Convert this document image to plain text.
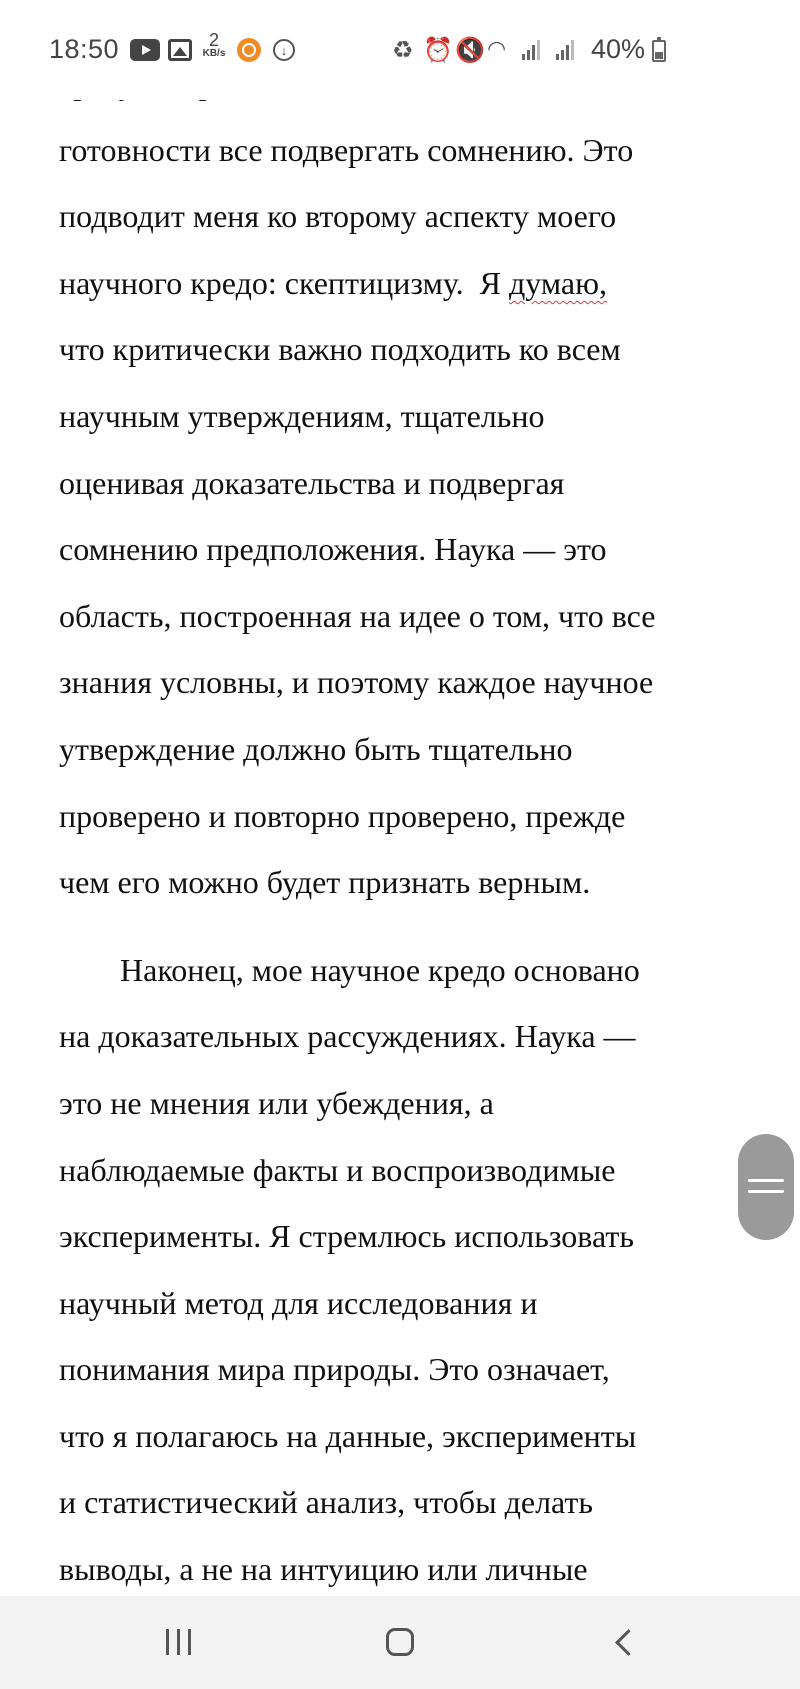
18:50	2
KB/s	↓	♻ ⏰ 🔇 ◠	40%

готовности все подвергать сомнению. Это
подводит меня ко второму аспекту моего
научного кредо: скептицизму.  Я думаю,
что критически важно подходить ко всем
научным утверждениям, тщательно
оценивая доказательства и подвергая
сомнению предположения. Наука — это
область, построенная на идее о том, что все
знания условны, и поэтому каждое научное
утверждение должно быть тщательно
проверено и повторно проверено, прежде
чем его можно будет признать верным.

Наконец, мое научное кредо основано
на доказательных рассуждениях. Наука —
это не мнения или убеждения, а
наблюдаемые факты и воспроизводимые
эксперименты. Я стремлюсь использовать
научный метод для исследования и
понимания мира природы. Это означает,
что я полагаюсь на данные, эксперименты
и статистический анализ, чтобы делать
выводы, а не на интуицию или личные
